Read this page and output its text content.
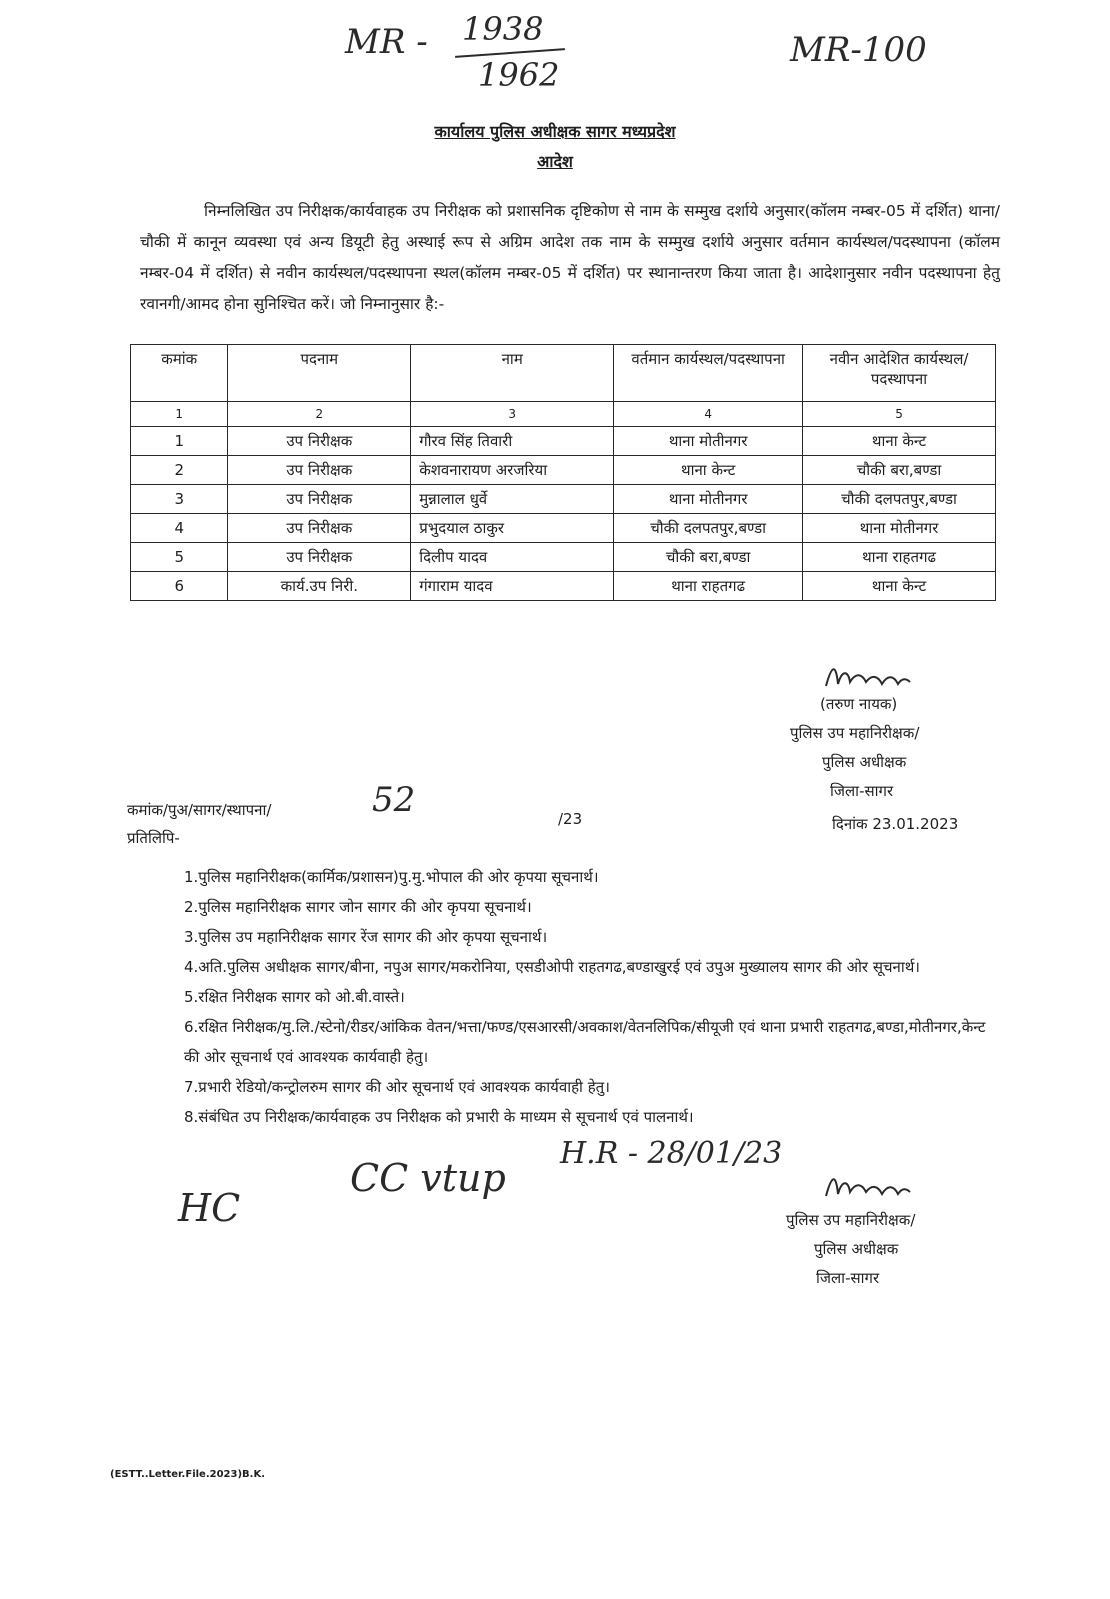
MR - 1938
1962
MR-100
कार्यालय पुलिस अधीक्षक सागर मध्यप्रदेश
आदेश
निम्नलिखित उप निरीक्षक/कार्यवाहक उप निरीक्षक को प्रशासनिक दृष्टिकोण से नाम के सम्मुख दर्शाये अनुसार(कॉलम नम्बर-05 में दर्शित) थाना/चौकी में कानून व्यवस्था एवं अन्य डियूटी हेतु अस्थाई रूप से अग्रिम आदेश तक नाम के सम्मुख दर्शाये अनुसार वर्तमान कार्यस्थल/पदस्थापना (कॉलम नम्बर-04 में दर्शित) से नवीन कार्यस्थल/पदस्थापना स्थल(कॉलम नम्बर-05 में दर्शित) पर स्थानान्तरण किया जाता है। आदेशानुसार नवीन पदस्थापना हेतु रवानगी/आमद होना सुनिश्चित करें। जो निम्नानुसार है:-
कमांक	पदनाम	नाम	वर्तमान कार्यस्थल/पदस्थापना	नवीन आदेशित कार्यस्थल/पदस्थापना
1	2	3	4	5
1	उप निरीक्षक	गौरव सिंह तिवारी	थाना मोतीनगर	थाना केन्ट
2	उप निरीक्षक	केशवनारायण अरजरिया	थाना केन्ट	चौकी बरा,बण्डा
3	उप निरीक्षक	मुन्नालाल धुर्वे	थाना मोतीनगर	चौकी दलपतपुर,बण्डा
4	उप निरीक्षक	प्रभुदयाल ठाकुर	चौकी दलपतपुर,बण्डा	थाना मोतीनगर
5	उप निरीक्षक	दिलीप यादव	चौकी बरा,बण्डा	थाना राहतगढ
6	कार्य.उप निरी.	गंगाराम यादव	थाना राहतगढ	थाना केन्ट
(तरुण नायक)
पुलिस उप महानिरीक्षक/
पुलिस अधीक्षक
जिला-सागर
कमांक/पुअ/सागर/स्थापना/	52	/23	दिनांक 23.01.2023
प्रतिलिपि-
1.पुलिस महानिरीक्षक(कार्मिक/प्रशासन)पु.मु.भोपाल की ओर कृपया सूचनार्थ।
2.पुलिस महानिरीक्षक सागर जोन सागर की ओर कृपया सूचनार्थ।
3.पुलिस उप महानिरीक्षक सागर रेंज सागर की ओर कृपया सूचनार्थ।
4.अति.पुलिस अधीक्षक सागर/बीना, नपुअ सागर/मकरोनिया, एसडीओपी राहतगढ,बण्डाखुरई एवं उपुअ मुख्यालय सागर की ओर सूचनार्थ।
5.रक्षित निरीक्षक सागर को ओ.बी.वास्ते।
6.रक्षित निरीक्षक/मु.लि./स्टेनो/रीडर/आंकिक वेतन/भत्ता/फण्ड/एसआरसी/अवकाश/वेतनलिपिक/सीयूजी एवं थाना प्रभारी राहतगढ,बण्डा,मोतीनगर,केन्ट की ओर सूचनार्थ एवं आवश्यक कार्यवाही हेतु।
7.प्रभारी रेडियो/कन्ट्रोलरुम सागर की ओर सूचनार्थ एवं आवश्यक कार्यवाही हेतु।
8.संबंधित उप निरीक्षक/कार्यवाहक उप निरीक्षक को प्रभारी के माध्यम से सूचनार्थ एवं पालनार्थ।
HC
CC vtup
H.R - 28/01/23
पुलिस उप महानिरीक्षक/
पुलिस अधीक्षक
जिला-सागर
(ESTT..Letter.File.2023)B.K.
